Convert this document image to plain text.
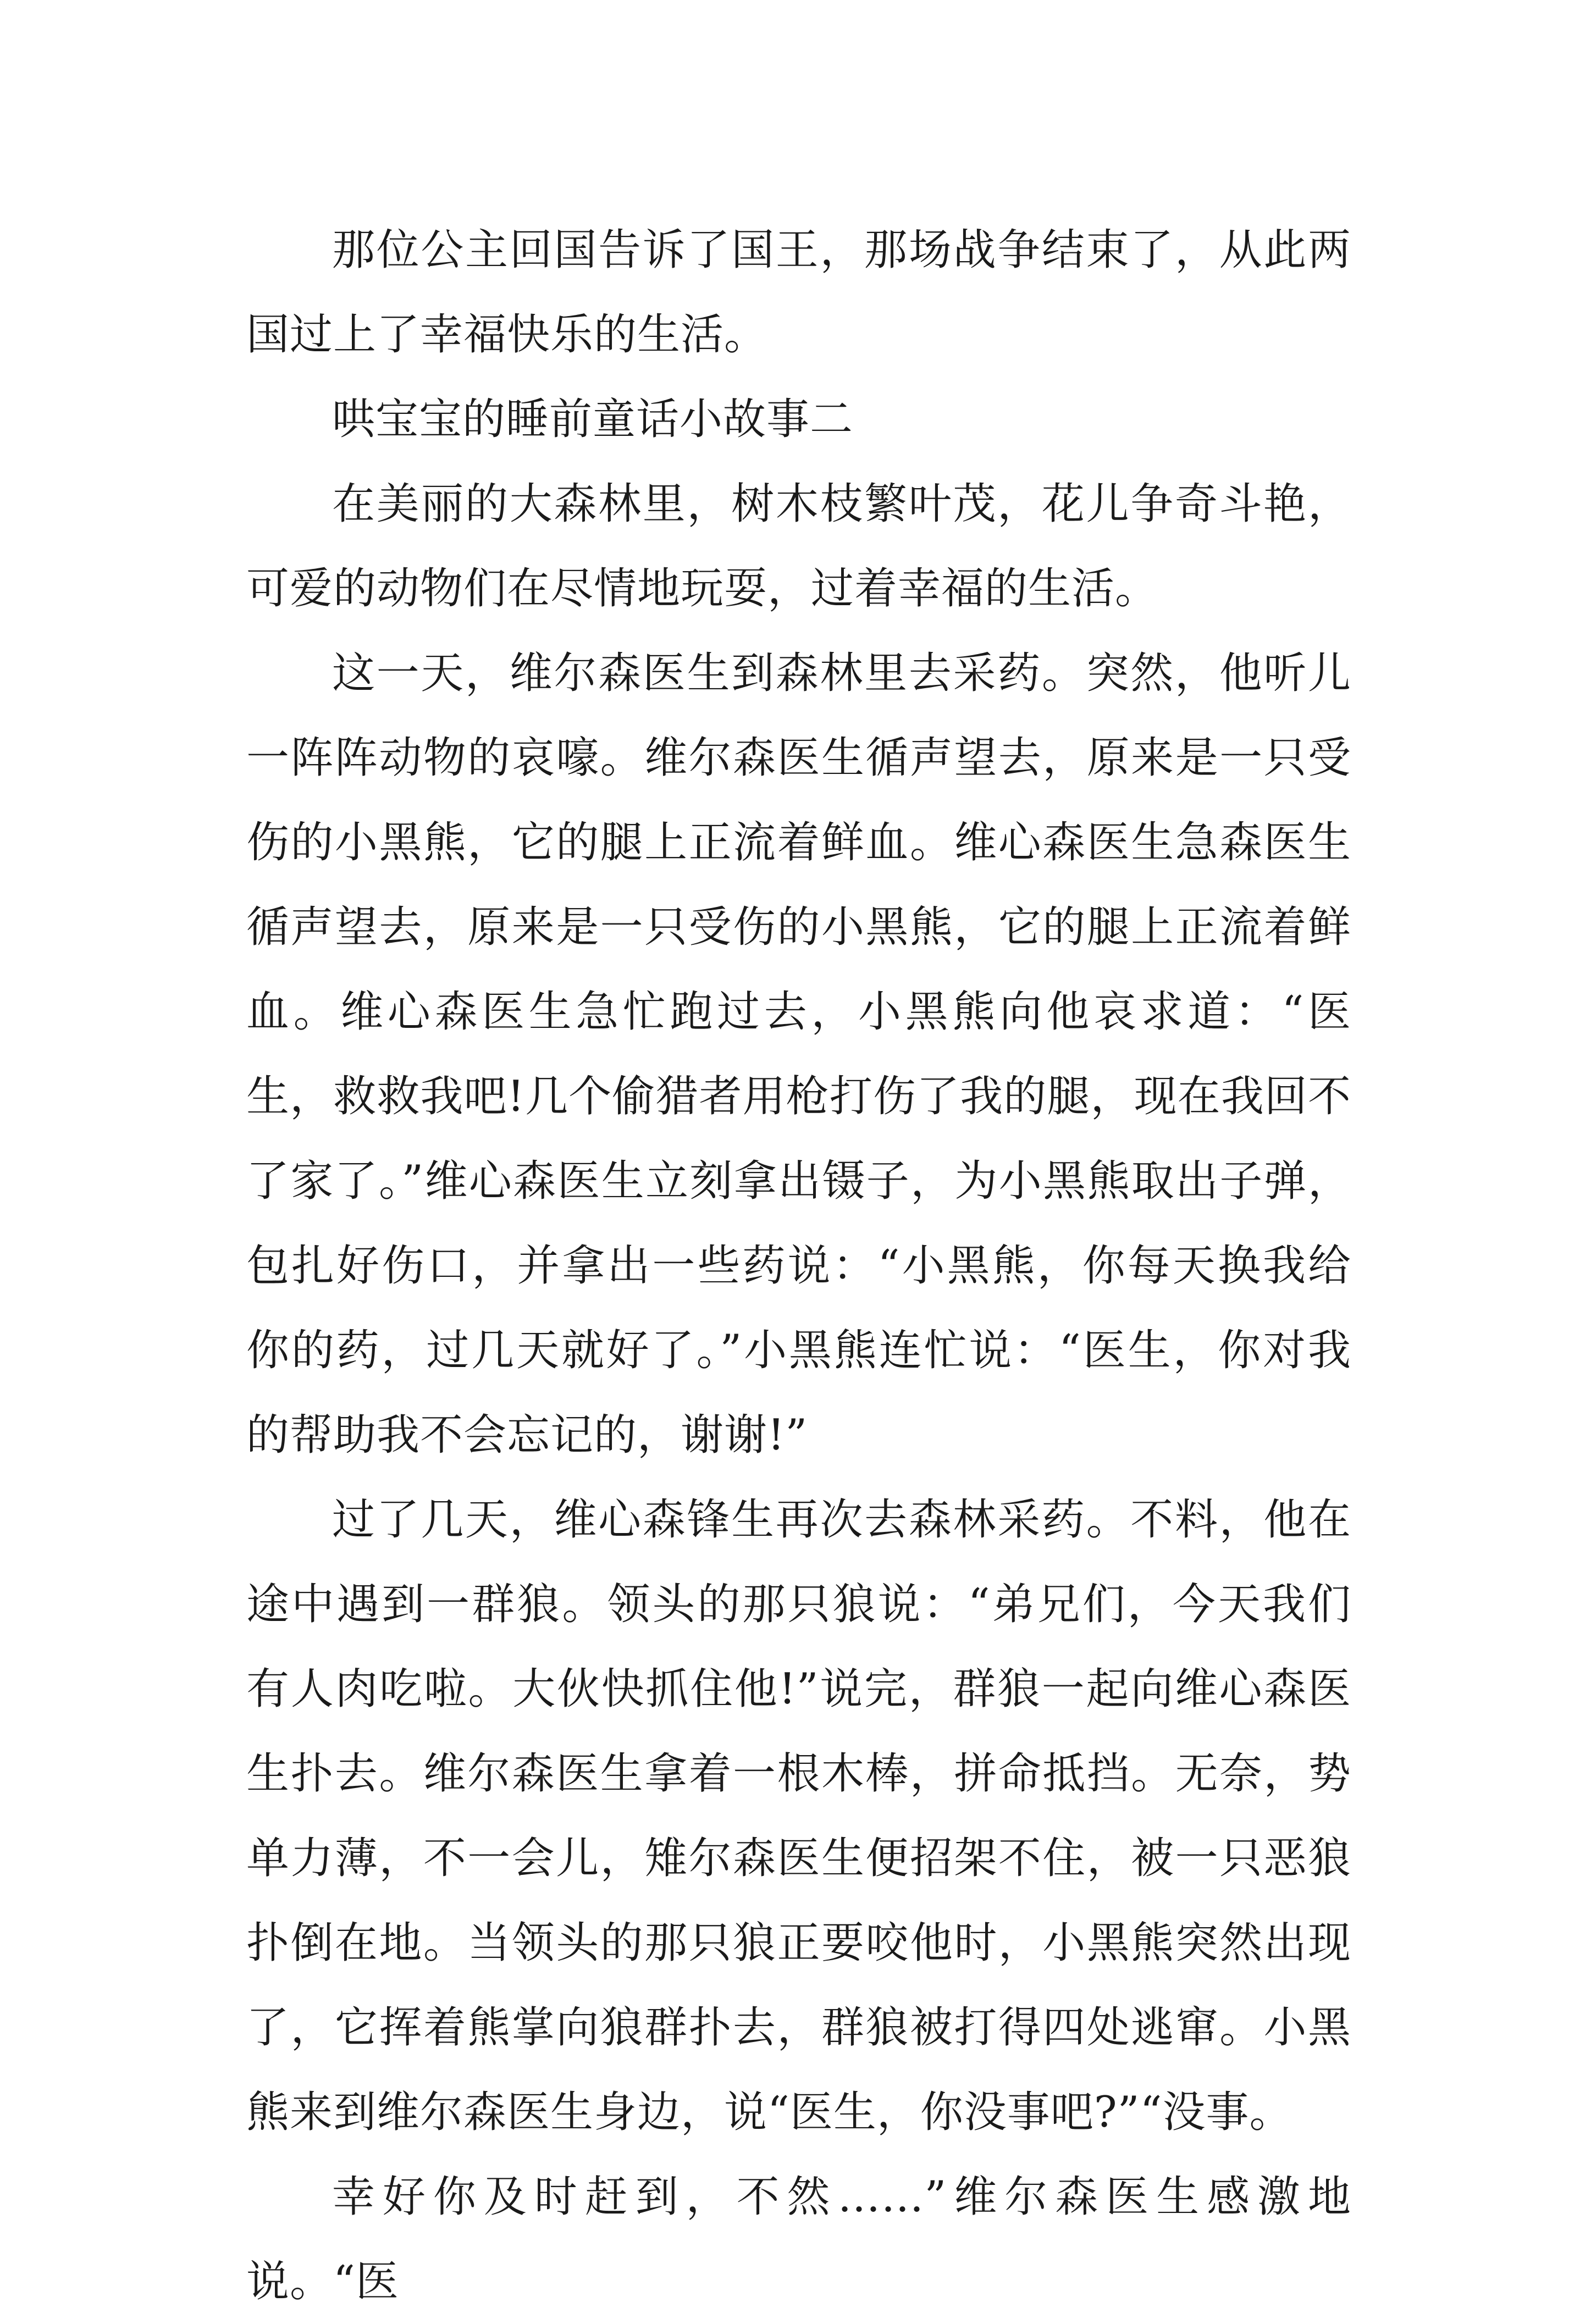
那位公主回国告诉了国王，那场战争结束了，从此两国过上了幸福快乐的生活。

哄宝宝的睡前童话小故事二

在美丽的大森林里，树木枝繁叶茂，花儿争奇斗艳，可爱的动物们在尽情地玩耍，过着幸福的生活。

这一天，维尔森医生到森林里去采药。突然，他听儿一阵阵动物的哀嚎。维尔森医生循声望去，原来是一只受伤的小黑熊，它的腿上正流着鲜血。维心森医生急森医生循声望去，原来是一只受伤的小黑熊，它的腿上正流着鲜血。维心森医生急忙跑过去，小黑熊向他哀求道：“医生，救救我吧!几个偷猎者用枪打伤了我的腿，现在我回不了家了。”维心森医生立刻拿出镊子，为小黑熊取出子弹，包扎好伤口，并拿出一些药说：“小黑熊，你每天换我给你的药，过几天就好了。”小黑熊连忙说：“医生，你对我的帮助我不会忘记的，谢谢!”

过了几天，维心森锋生再次去森林采药。不料，他在途中遇到一群狼。领头的那只狼说：“弟兄们，今天我们有人肉吃啦。大伙快抓住他!”说完，群狼一起向维心森医生扑去。维尔森医生拿着一根木棒，拼命抵挡。无奈，势单力薄，不一会儿，雉尔森医生便招架不住，被一只恶狼扑倒在地。当领头的那只狼正要咬他时，小黑熊突然出现了，它挥着熊掌向狼群扑去，群狼被打得四处逃窜。小黑熊来到维尔森医生身边，说“医生，你没事吧?”“没事。

幸好你及时赶到，不然……”维尔森医生感激地说。“医
